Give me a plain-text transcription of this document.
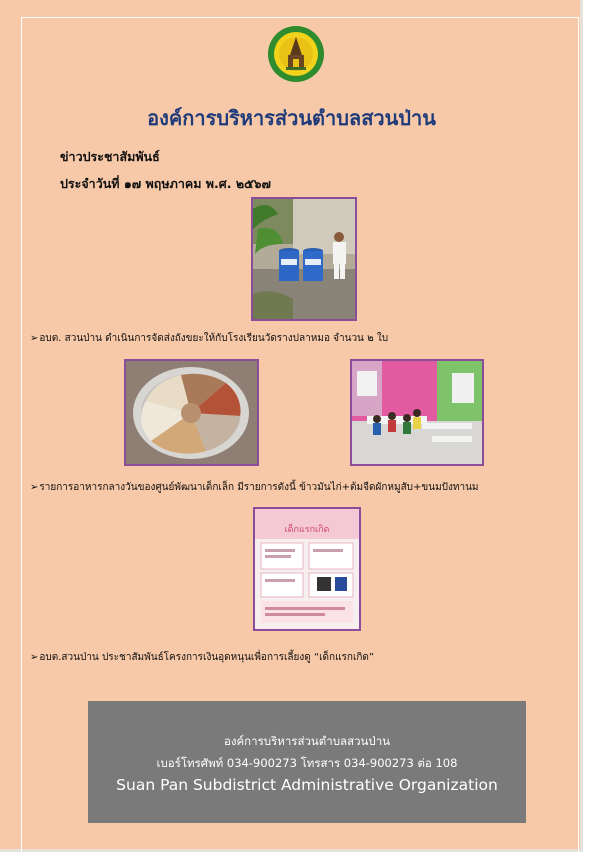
องค์การบริหารส่วนตำบลสวนป่าน
ข่าวประชาสัมพันธ์
ประจำวันที่ ๑๗ พฤษภาคม พ.ศ. ๒๕๖๗
➢อบต. สวนป่าน ดำเนินการจัดส่งถังขยะให้กับโรงเรียนวัดรางปลาหมอ จำนวน ๒ ใบ
➢รายการอาหารกลางวันของศูนย์พัฒนาเด็กเล็ก มีรายการดังนี้ ข้าวมันไก่+ต้มจืดผักหมูสับ+ขนมปังทานม
เด็กแรกเกิด
➢อบต.สวนป่าน ประชาสัมพันธ์โครงการเงินอุดหนุนเพื่อการเลี้ยงดู “เด็กแรกเกิด”
องค์การบริหารส่วนตำบลสวนป่าน
เบอร์โทรศัพท์ 034-900273 โทรสาร 034-900273 ต่อ 108
Suan Pan Subdistrict Administrative Organization
